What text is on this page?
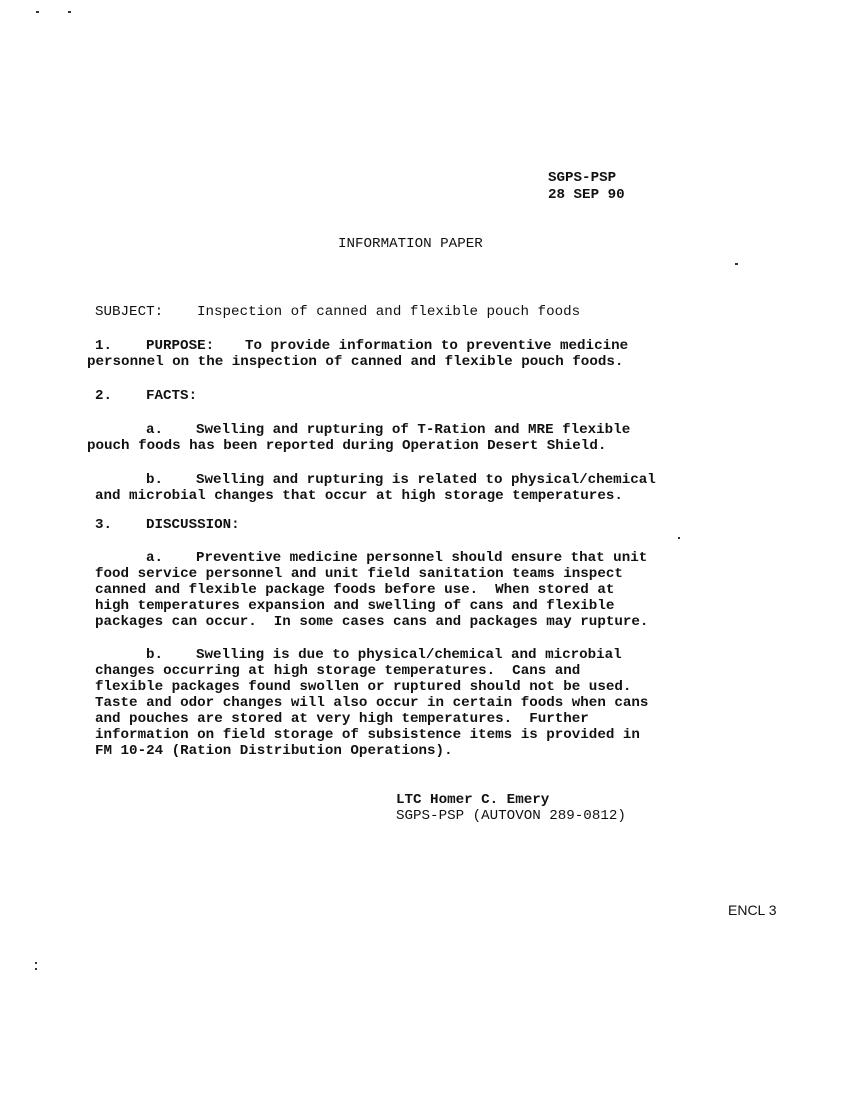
SGPS-PSP
28 SEP 90
INFORMATION PAPER
SUBJECT: Inspection of canned and flexible pouch foods
1. PURPOSE: To provide information to preventive medicine
personnel on the inspection of canned and flexible pouch foods.
2. FACTS:
a. Swelling and rupturing of T-Ration and MRE flexible
pouch foods has been reported during Operation Desert Shield.
b. Swelling and rupturing is related to physical/chemical
and microbial changes that occur at high storage temperatures.
3. DISCUSSION:
a. Preventive medicine personnel should ensure that unit
food service personnel and unit field sanitation teams inspect
canned and flexible package foods before use.  When stored at
high temperatures expansion and swelling of cans and flexible
packages can occur.  In some cases cans and packages may rupture.
b. Swelling is due to physical/chemical and microbial
changes occurring at high storage temperatures.  Cans and
flexible packages found swollen or ruptured should not be used.
Taste and odor changes will also occur in certain foods when cans
and pouches are stored at very high temperatures.  Further
information on field storage of subsistence items is provided in
FM 10-24 (Ration Distribution Operations).
LTC Homer C. Emery
SGPS-PSP (AUTOVON 289-0812)
ENCL 3
